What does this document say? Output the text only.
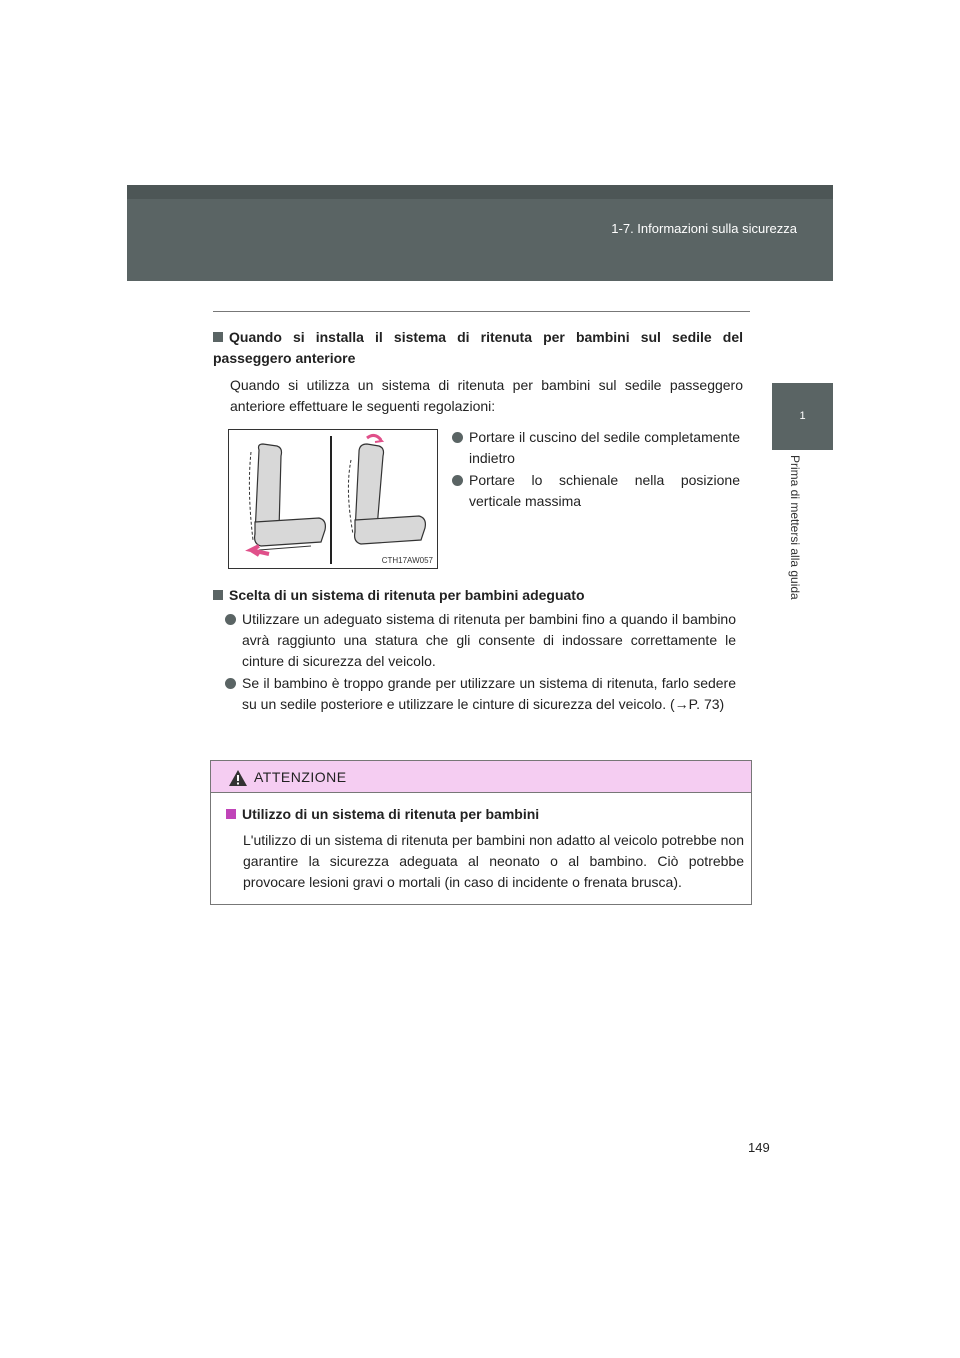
1-7. Informazioni sulla sicurezza
1
Prima di mettersi alla guida
Quando si installa il sistema di ritenuta per bambini sul sedile del passeggero anteriore
Quando si utilizza un sistema di ritenuta per bambini sul sedile passeggero anteriore effettuare le seguenti regolazioni:
CTH17AW057
Portare il cuscino del sedile completamente indietro
Portare lo schienale nella posizione verticale massima
Scelta di un sistema di ritenuta per bambini adeguato
Utilizzare un adeguato sistema di ritenuta per bambini fino a quando il bambino avrà raggiunto una statura che gli consente di indossare correttamente le cinture di sicurezza del veicolo.
Se il bambino è troppo grande per utilizzare un sistema di ritenuta, farlo sedere su un sedile posteriore e utilizzare le cinture di sicurezza del veicolo. (→P. 73)
ATTENZIONE
Utilizzo di un sistema di ritenuta per bambini
L'utilizzo di un sistema di ritenuta per bambini non adatto al veicolo potrebbe non garantire la sicurezza adeguata al neonato o al bambino. Ciò potrebbe provocare lesioni gravi o mortali (in caso di incidente o frenata brusca).
149
